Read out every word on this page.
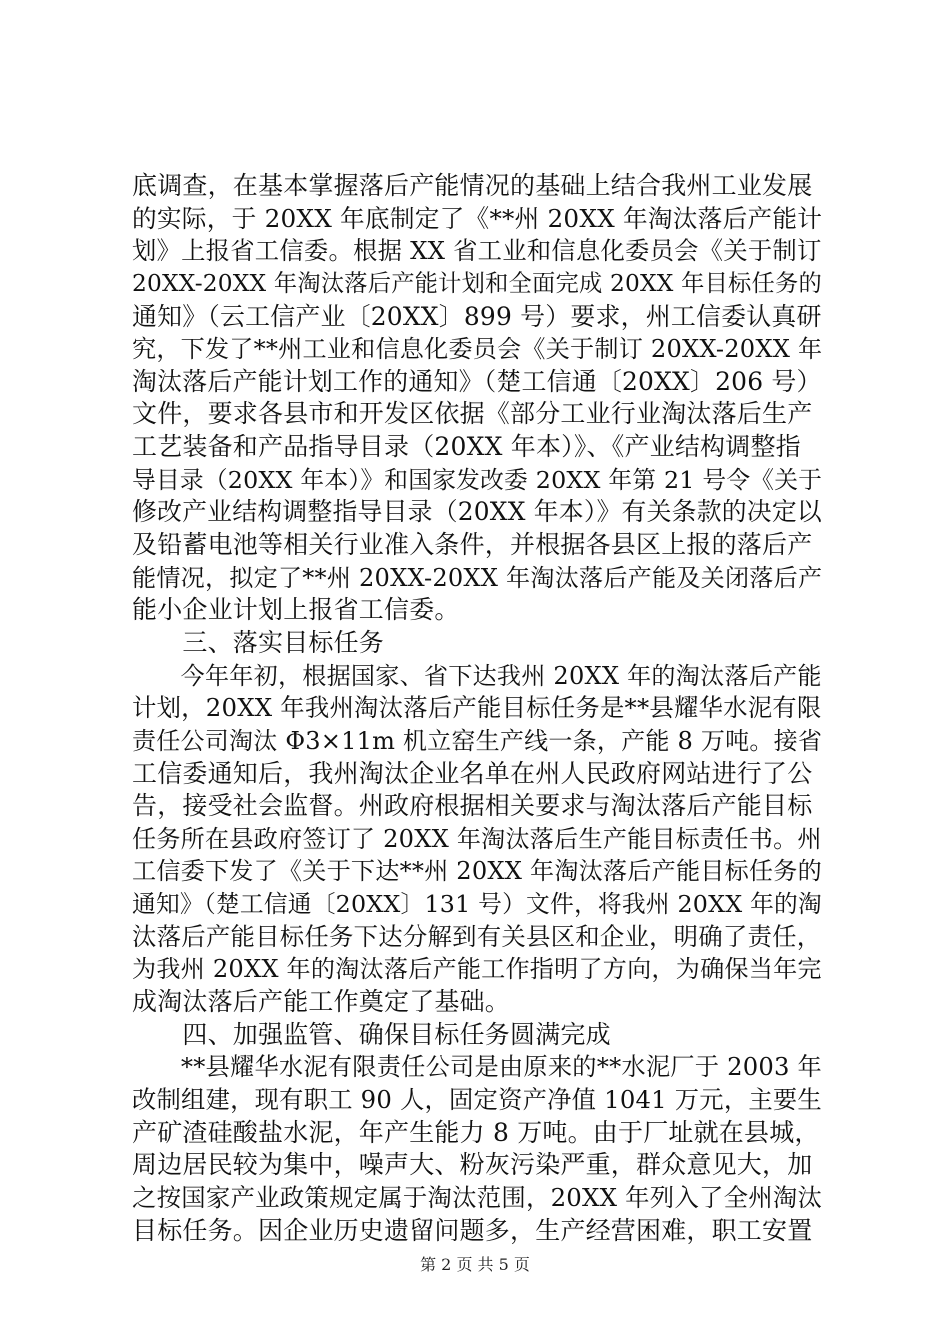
底调查，在基本掌握落后产能情况的基础上结合我州工业发展
的实际，于 20XX 年底制定了《**州 20XX 年淘汰落后产能计
划》上报省工信委。根据 XX 省工业和信息化委员会《关于制订
20XX-20XX 年淘汰落后产能计划和全面完成 20XX 年目标任务的
通知》（云工信产业〔20XX〕899 号）要求，州工信委认真研
究，下发了**州工业和信息化委员会《关于制订 20XX-20XX 年
淘汰落后产能计划工作的通知》（楚工信通〔20XX〕206 号）
文件，要求各县市和开发区依据《部分工业行业淘汰落后生产
工艺装备和产品指导目录（20XX 年本）》、《产业结构调整指
导目录（20XX 年本）》和国家发改委 20XX 年第 21 号令《关于
修改产业结构调整指导目录（20XX 年本）》有关条款的决定以
及铅蓄电池等相关行业准入条件，并根据各县区上报的落后产
能情况，拟定了**州 20XX-20XX 年淘汰落后产能及关闭落后产
能小企业计划上报省工信委。
　　三、落实目标任务
　　今年年初，根据国家、省下达我州 20XX 年的淘汰落后产能
计划，20XX 年我州淘汰落后产能目标任务是**县耀华水泥有限
责任公司淘汰 Φ3×11m 机立窑生产线一条，产能 8 万吨。接省
工信委通知后，我州淘汰企业名单在州人民政府网站进行了公
告，接受社会监督。州政府根据相关要求与淘汰落后产能目标
任务所在县政府签订了 20XX 年淘汰落后生产能目标责任书。州
工信委下发了《关于下达**州 20XX 年淘汰落后产能目标任务的
通知》（楚工信通〔20XX〕131 号）文件，将我州 20XX 年的淘
汰落后产能目标任务下达分解到有关县区和企业，明确了责任，
为我州 20XX 年的淘汰落后产能工作指明了方向，为确保当年完
成淘汰落后产能工作奠定了基础。
　　四、加强监管、确保目标任务圆满完成
　　**县耀华水泥有限责任公司是由原来的**水泥厂于 2003 年
改制组建，现有职工 90 人，固定资产净值 1041 万元，主要生
产矿渣硅酸盐水泥，年产生能力 8 万吨。由于厂址就在县城，
周边居民较为集中，噪声大、粉灰污染严重，群众意见大，加
之按国家产业政策规定属于淘汰范围，20XX 年列入了全州淘汰
目标任务。因企业历史遗留问题多，生产经营困难，职工安置
第 2 页 共 5 页
